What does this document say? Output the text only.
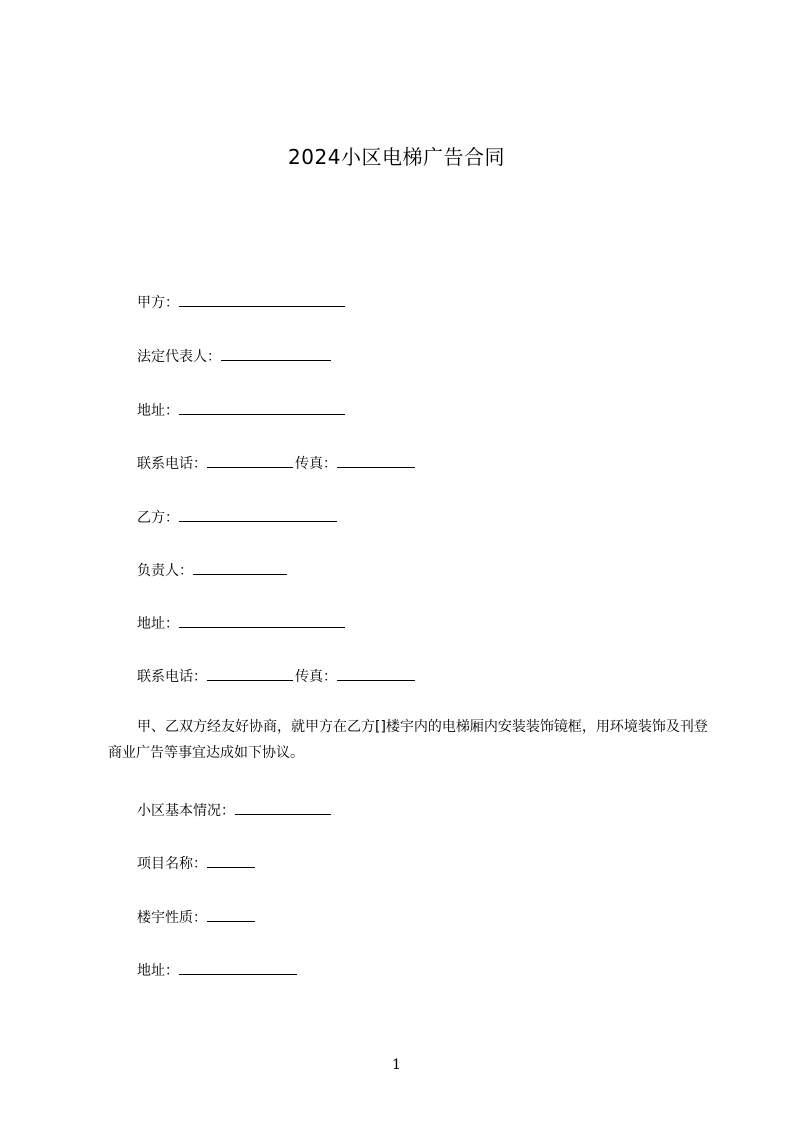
2024小区电梯广告合同
甲方：
法定代表人：
地址：
联系电话：	传真：
乙方：
负责人：
地址：
联系电话：	传真：

甲、乙双方经友好协商，就甲方在乙方[]楼宇内的电梯厢内安装装饰镜框，用环境装饰及刊登商业广告等事宜达成如下协议。

小区基本情况：
项目名称：
楼宇性质：
地址：
1
